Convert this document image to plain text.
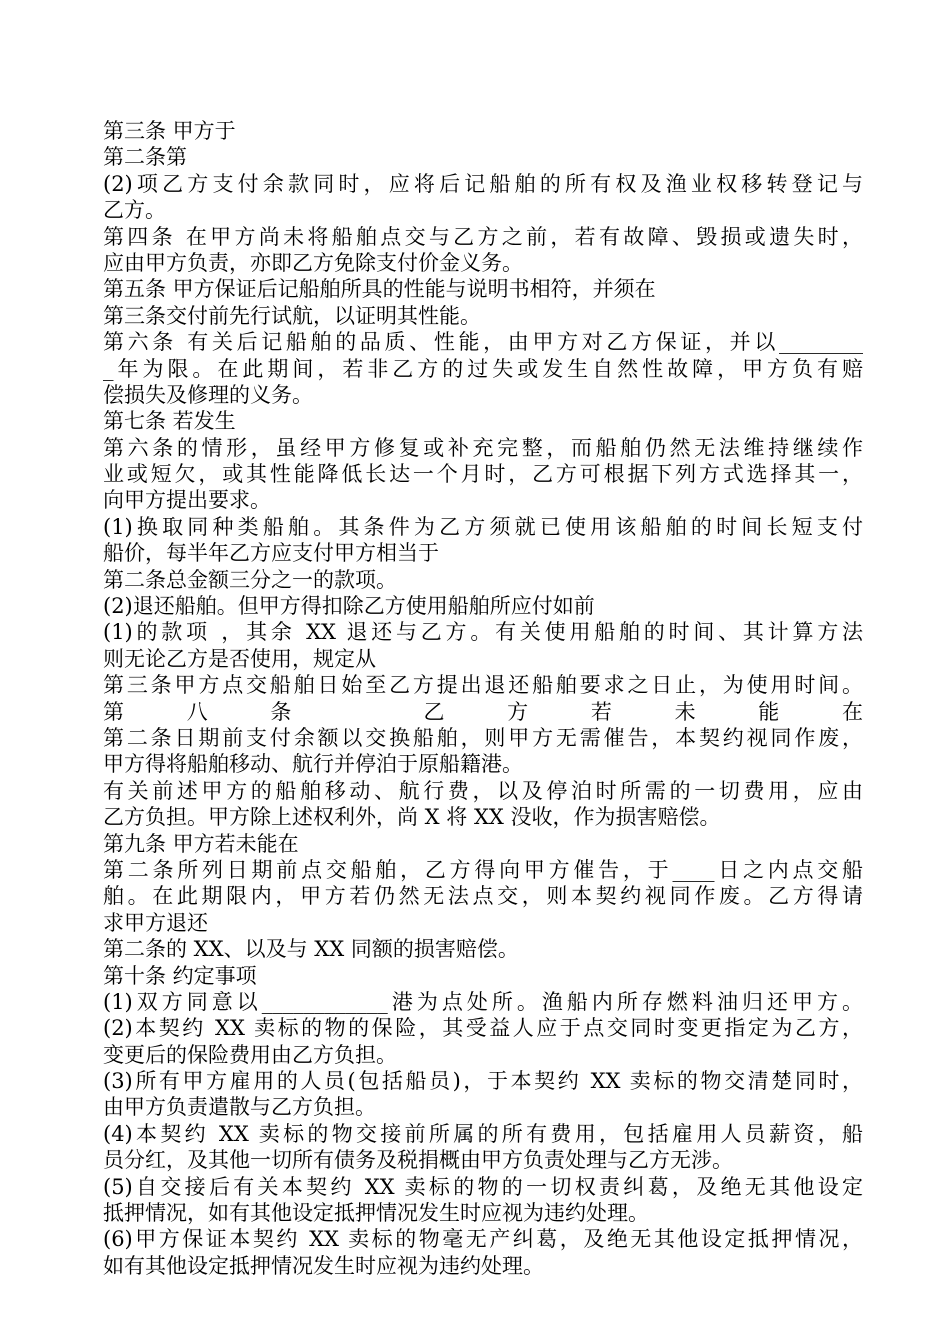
第三条 甲方于
第二条第
(2)项乙方支付余款同时，应将后记船舶的所有权及渔业权移转登记与
乙方。
第四条 在甲方尚未将船舶点交与乙方之前，若有故障、毁损或遗失时，
应由甲方负责，亦即乙方免除支付价金义务。
第五条 甲方保证后记船舶所具的性能与说明书相符，并须在
第三条交付前先行试航，以证明其性能。
第六条 有关后记船舶的品质、性能，由甲方对乙方保证，并以________
_年为限。在此期间，若非乙方的过失或发生自然性故障，甲方负有赔
偿损失及修理的义务。
第七条 若发生
第六条的情形，虽经甲方修复或补充完整，而船舶仍然无法维持继续作
业或短欠，或其性能降低长达一个月时，乙方可根据下列方式选择其一，
向甲方提出要求。
(1)换取同种类船舶。其条件为乙方须就已使用该船舶的时间长短支付
船价，每半年乙方应支付甲方相当于
第二条总金额三分之一的款项。
(2)退还船舶。但甲方得扣除乙方使用船舶所应付如前
(1)的款项 ，其余 XX 退还与乙方。有关使用船舶的时间、其计算方法
则无论乙方是否使用，规定从
第三条甲方点交船舶日始至乙方提出退还船舶要求之日止，为使用时间。
第八条 乙方若未能在
第二条日期前支付余额以交换船舶，则甲方无需催告，本契约视同作废，
甲方得将船舶移动、航行并停泊于原船籍港。
有关前述甲方的船舶移动、航行费，以及停泊时所需的一切费用，应由
乙方负担。甲方除上述权利外，尚 X 将 XX 没收，作为损害赔偿。
第九条 甲方若未能在
第二条所列日期前点交船舶，乙方得向甲方催告，于____日之内点交船
舶。在此期限内，甲方若仍然无法点交，则本契约视同作废。乙方得请
求甲方退还
第二条的 XX、以及与 XX 同额的损害赔偿。
第十条 约定事项
(1)双方同意以____________港为点处所。渔船内所存燃料油归还甲方。
(2)本契约 XX 卖标的物的保险，其受益人应于点交同时变更指定为乙方，
变更后的保险费用由乙方负担。
(3)所有甲方雇用的人员(包括船员)，于本契约 XX 卖标的物交清楚同时，
由甲方负责遣散与乙方负担。
(4)本契约 XX 卖标的物交接前所属的所有费用，包括雇用人员薪资，船
员分红，及其他一切所有债务及税捐概由甲方负责处理与乙方无涉。
(5)自交接后有关本契约 XX 卖标的物的一切权责纠葛，及绝无其他设定
抵押情况，如有其他设定抵押情况发生时应视为违约处理。
(6)甲方保证本契约 XX 卖标的物毫无产纠葛，及绝无其他设定抵押情况，
如有其他设定抵押情况发生时应视为违约处理。
